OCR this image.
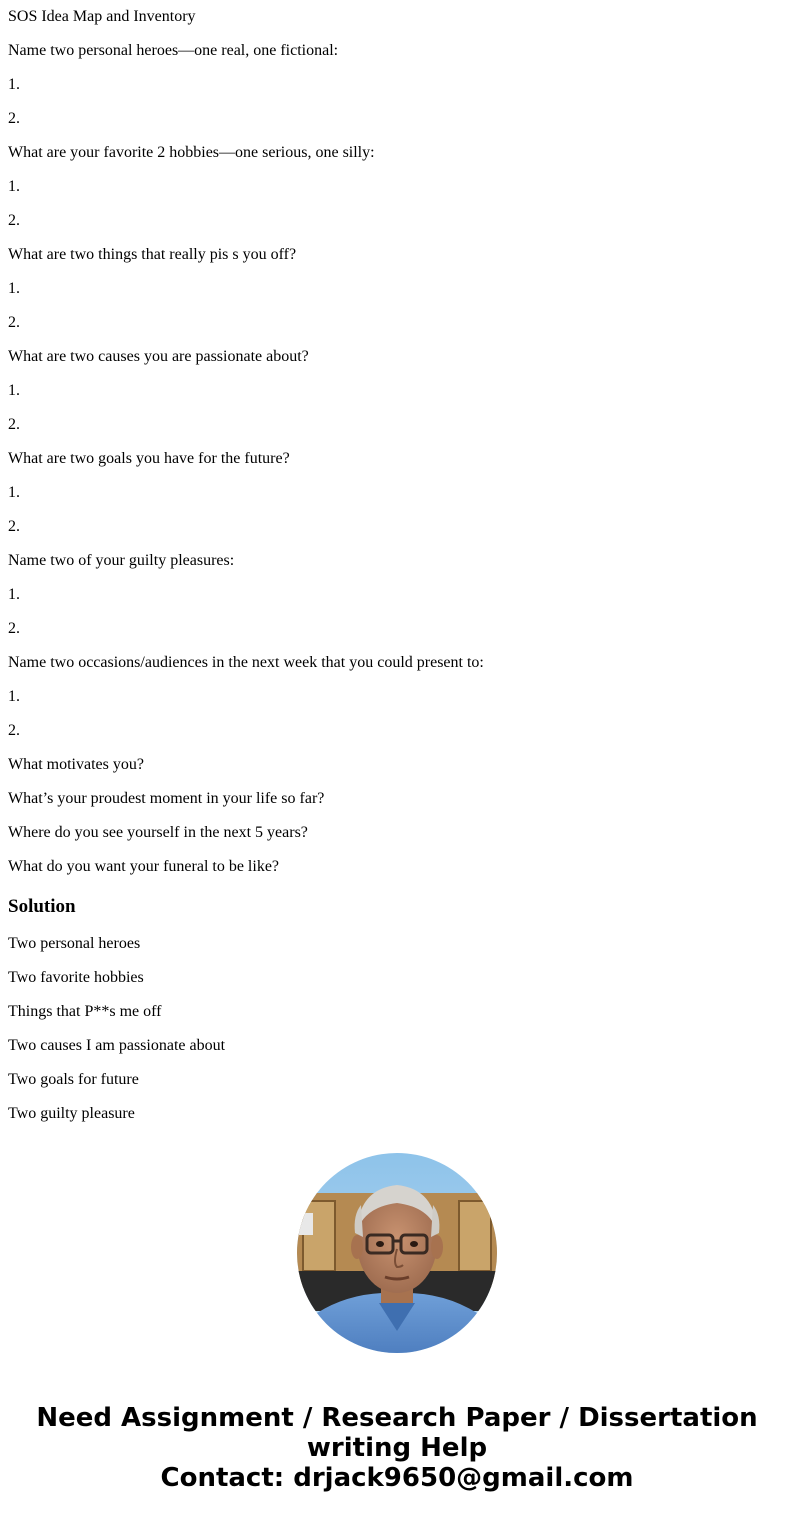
SOS Idea Map and Inventory

Name two personal heroes—one real, one fictional:

1.

2.

What are your favorite 2 hobbies—one serious, one silly:

1.

2.

What are two things that really pis s you off?

1.

2.

What are two causes you are passionate about?

1.

2.

What are two goals you have for the future?

1.

2.

Name two of your guilty pleasures:

1.

2.

Name two occasions/audiences in the next week that you could present to:

1.

2.

What motivates you?

What’s your proudest moment in your life so far?

Where do you see yourself in the next 5 years?

What do you want your funeral to be like?

Solution

Two personal heroes

Two favorite hobbies

Things that P**s me off

Two causes I am passionate about

Two goals for future

Two guilty pleasure

Need Assignment / Research Paper / Dissertation
writing Help
Contact: drjack9650@gmail.com
